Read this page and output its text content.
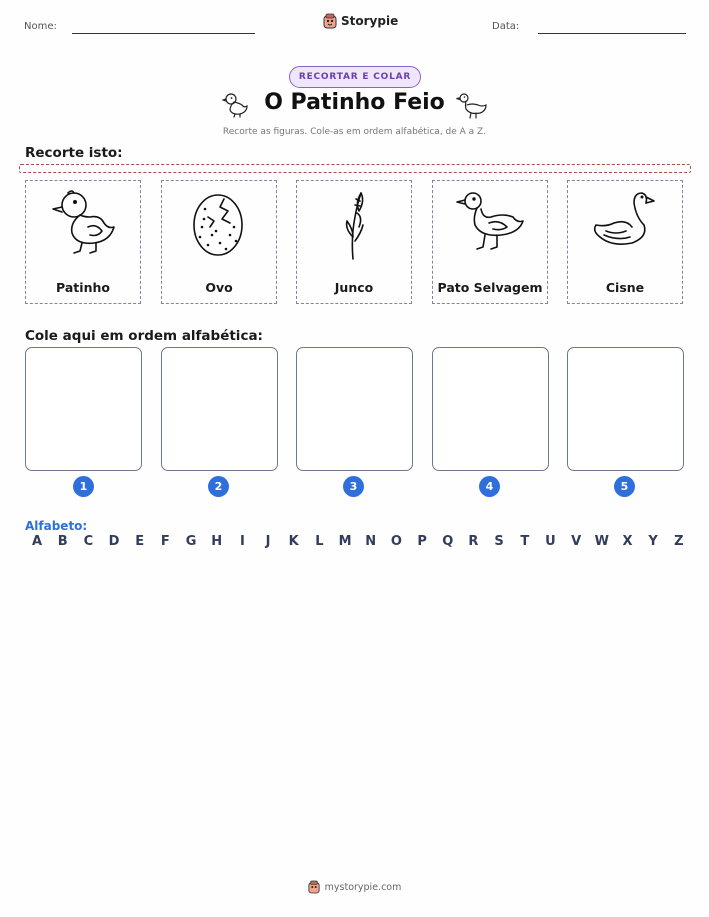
Nome:	Storypie	Data:
RECORTAR E COLAR
O Patinho Feio
Recorte as figuras. Cole-as em ordem alfabética, de A a Z.
Recorte isto:
Patinho	Ovo	Junco	Pato Selvagem	Cisne
Cole aqui em ordem alfabética:
1	2	3	4	5
Alfabeto:
A	B	C	D	E	F	G H	I	J	K	L	M N O	P	Q	R	S	T	U	V	W	X	Y	Z
mystorypie.com
